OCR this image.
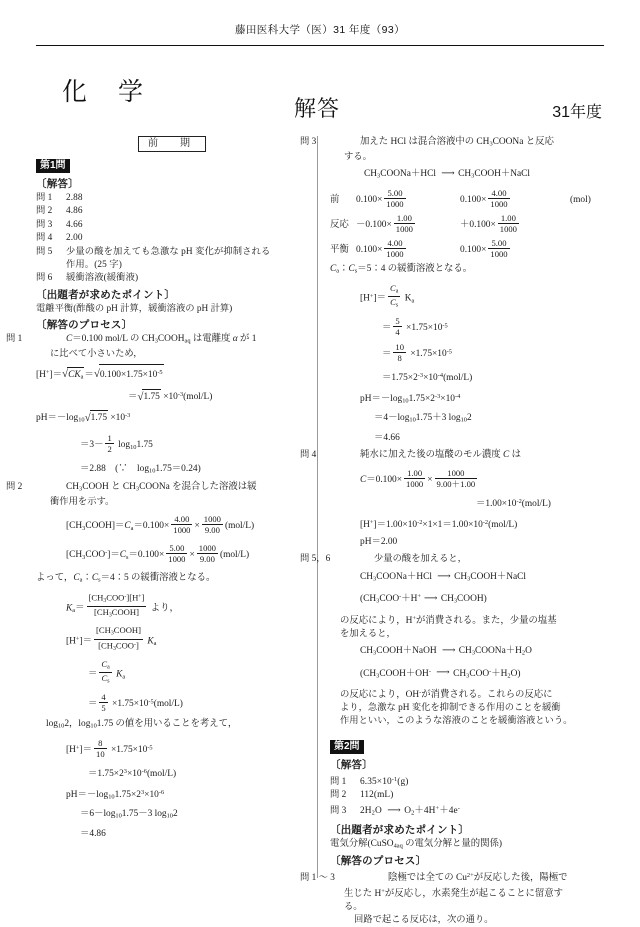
藤田医科大学（医）31 年度（93）
化 学
解答	31年度
前　期
第1問
〔解答〕
問 1 2.88
問 2 4.86
問 3 4.66
問 4 2.00
問 5 少量の酸を加えても急激な pH 変化が抑制される
作用。(25 字)
問 6 緩衝溶液(緩衝液)
〔出題者が求めたポイント〕
電離平衡(酢酸の pH 計算，緩衝溶液の pH 計算)
〔解答のプロセス〕
問 1	C＝0.100 mol/L の $CH_3COOH_{aq}$ は電離度 α が 1
に比べて小さいため，
$[H^+]=√CK_a=√0.100\times 1.75\times 10^{-5}$
$=√1.75 \times 10^{-3}(mol/L)$
$pH=-\log_{10}√1.75 \times 10^{-3}$
$=3- \frac{1}{2} \log_{10}1.75$
＝2.88　(∵　$\log_{10}1.75=0.24$)
問 2	$CH_3COOH$ と $CH_3COONa$ を混合した溶液は緩
衝作用を示す。
$[CH_3COOH]=C_a=0.100\times \frac{4.00}{1000} \times \frac{1000}{9.00} (mol/L)$
$[CH_3COO^-]=C_s=0.100\times \frac{5.00}{1000} \times \frac{1000}{9.00} (mol/L)$
よって，$C_a$：$C_s=4$：5 の緩衝溶液となる。
$K_a= \frac{[CH_3COO^-][H^+]}{[CH_3COOH]}$ より，
$[H^+]= \frac{[CH_3COOH]}{[CH_3COO^-]} K_a$
＝ $\frac{C_a}{C_s} K_a$
＝ $\frac{4}{5} \times 1.75\times 10^{-5}(mol/L)$
$\log_{10}2$，$\log_{10}1.75$ の値を用いることを考えて，
$[H^+]= \frac{8}{10} \times 1.75\times 10^{-5}$
$=1.75\times 2^3\times 10^{-6}(mol/L)$
$pH=-\log_{10}1.75\times 2^3\times 10^{-6}$
$=6-\log_{10}1.75-3$ $\log_{10}2$
＝4.86
問 3	加えた HCl は混合溶液中の $CH_3COONa$ と反応
する。
$CH_3COONa+HCl$ ⟶ $CH_3COOH+NaCl$
前 $0.100\times \frac{5.00}{1000}$	$0.100\times \frac{4.00}{1000}$	(mol)
反応 $-0.100\times \frac{1.00}{1000}$	$+0.100\times \frac{1.00}{1000}$
平衡 $0.100\times \frac{4.00}{1000}$	$0.100\times \frac{5.00}{1000}$
$C_a$：$C_s=5$：4 の緩衝溶液となる。
$[H^+]= \frac{C_a}{C_s} K_a$
＝ $\frac{5}{4} \times 1.75\times 10^{-5}$
＝ $\frac{10}{8} \times 1.75\times 10^{-5}$
$=1.75\times 2^{-3}\times 10^{-4}(mol/L)$
$pH=-\log_{10}1.75\times 2^{-3}\times 10^{-4}$
$=4-\log_{10}1.75+3$ $\log_{10}2$
＝4.66
問 4	純水に加えた後の塩酸のモル濃度 C は
$C=0.100\times \frac{1.00}{1000} \times \frac{1000}{9.00+1.00}$
$=1.00\times 10^{-2}(mol/L)$
$[H^+]=1.00\times 10^{-2}\times 1\times 1=1.00\times 10^{-2}(mol/L)$
pH＝2.00
問 5，6	少量の酸を加えると，
$CH_3COONa+HCl$ ⟶ $CH_3COOH+NaCl$
($CH_3COO^-+H^+$ ⟶ $CH_3COOH$)
の反応により，H+が消費される。また，少量の塩基
を加えると，
$CH_3COOH+NaOH$ ⟶ $CH_3COONa+H_2O$
($CH_3COOH+OH^-$ ⟶ $CH_3COO^-+H_2O$)
の反応により，OH-が消費される。これらの反応に
より，急激な pH 変化を抑制できる作用のことを緩衝
作用といい，このような溶液のことを緩衝溶液という。
第2問
〔解答〕
問 1 $6.35\times 10^{-1}(g)$
問 2 112(mL)
問 3 $2H_2O$ ⟶ $O_2+4H^++4e^-$
〔出題者が求めたポイント〕
電気分解(CuSO$_{4aq}$ の電気分解と量的関係)
〔解答のプロセス〕
問 1 ～ 3	陰極では全ての $Cu^{2+}$が反応した後，陽極で
生じた H+が反応し，水素発生が起こることに留意す
る。
回路で起こる反応は，次の通り。
